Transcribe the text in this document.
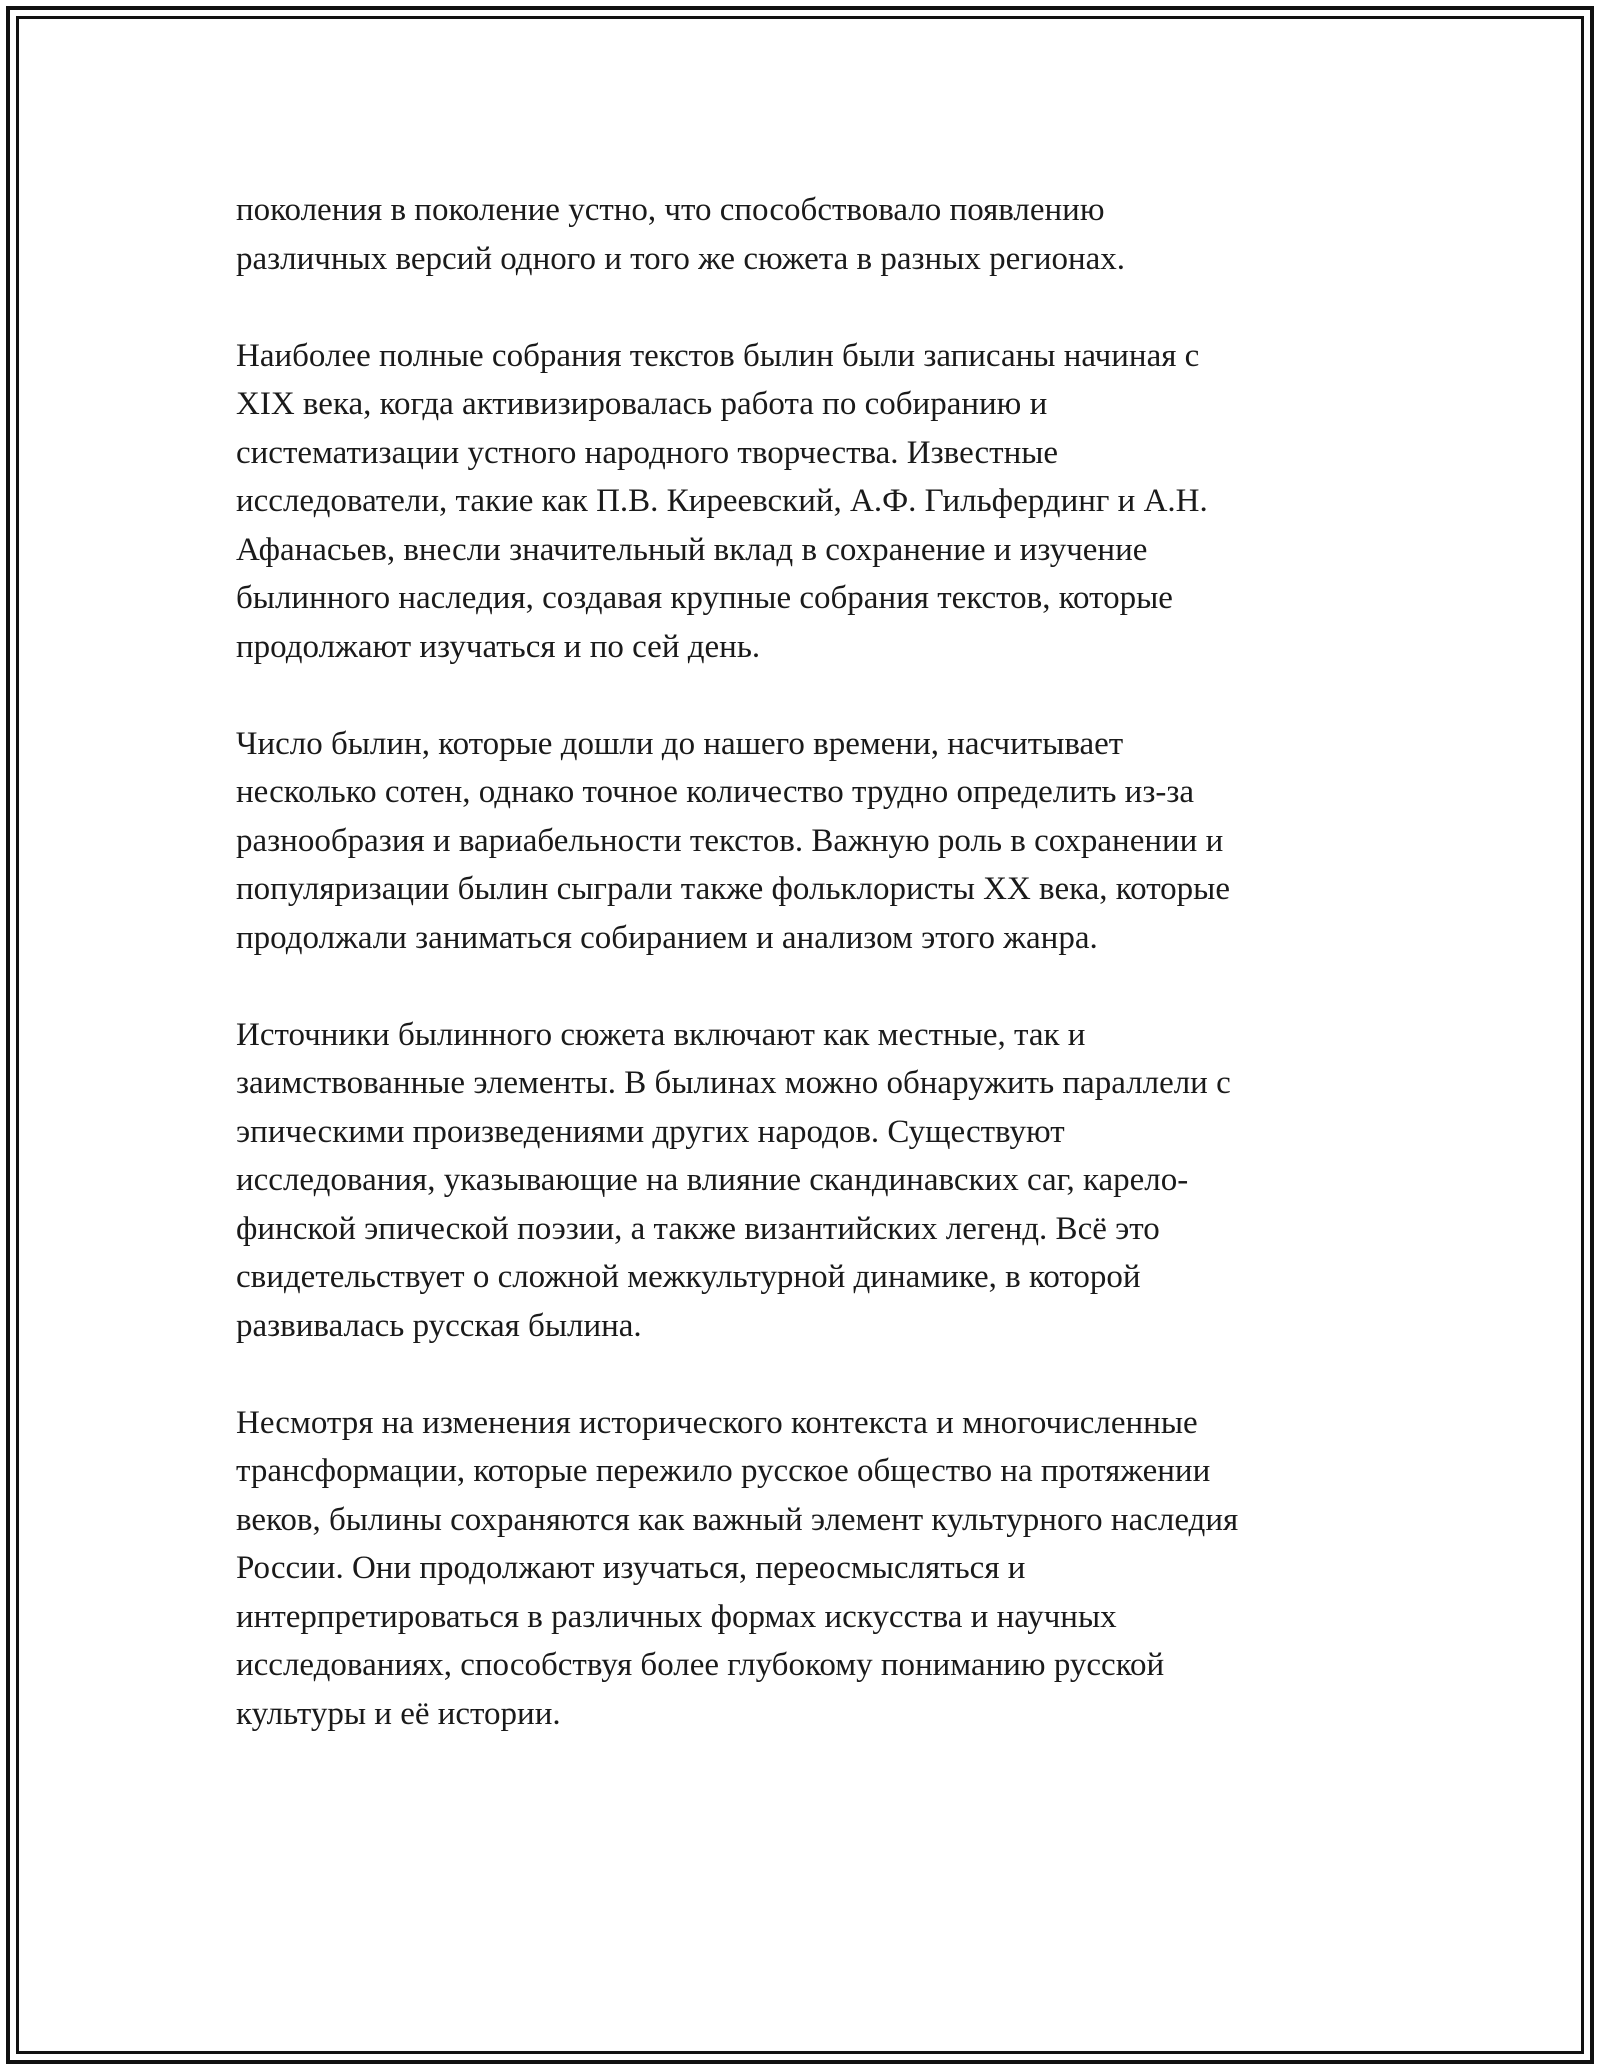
поколения в поколение устно, что способствовало появлению
различных версий одного и того же сюжета в разных регионах.

Наиболее полные собрания текстов былин были записаны начиная с
XIX века, когда активизировалась работа по собиранию и
систематизации устного народного творчества. Известные
исследователи, такие как П.В. Киреевский, А.Ф. Гильфердинг и А.Н.
Афанасьев, внесли значительный вклад в сохранение и изучение
былинного наследия, создавая крупные собрания текстов, которые
продолжают изучаться и по сей день.

Число былин, которые дошли до нашего времени, насчитывает
несколько сотен, однако точное количество трудно определить из-за
разнообразия и вариабельности текстов. Важную роль в сохранении и
популяризации былин сыграли также фольклористы XX века, которые
продолжали заниматься собиранием и анализом этого жанра.

Источники былинного сюжета включают как местные, так и
заимствованные элементы. В былинах можно обнаружить параллели с
эпическими произведениями других народов. Существуют
исследования, указывающие на влияние скандинавских саг, карело-
финской эпической поэзии, а также византийских легенд. Всё это
свидетельствует о сложной межкультурной динамике, в которой
развивалась русская былина.

Несмотря на изменения исторического контекста и многочисленные
трансформации, которые пережило русское общество на протяжении
веков, былины сохраняются как важный элемент культурного наследия
России. Они продолжают изучаться, переосмысляться и
интерпретироваться в различных формах искусства и научных
исследованиях, способствуя более глубокому пониманию русской
культуры и её истории.
